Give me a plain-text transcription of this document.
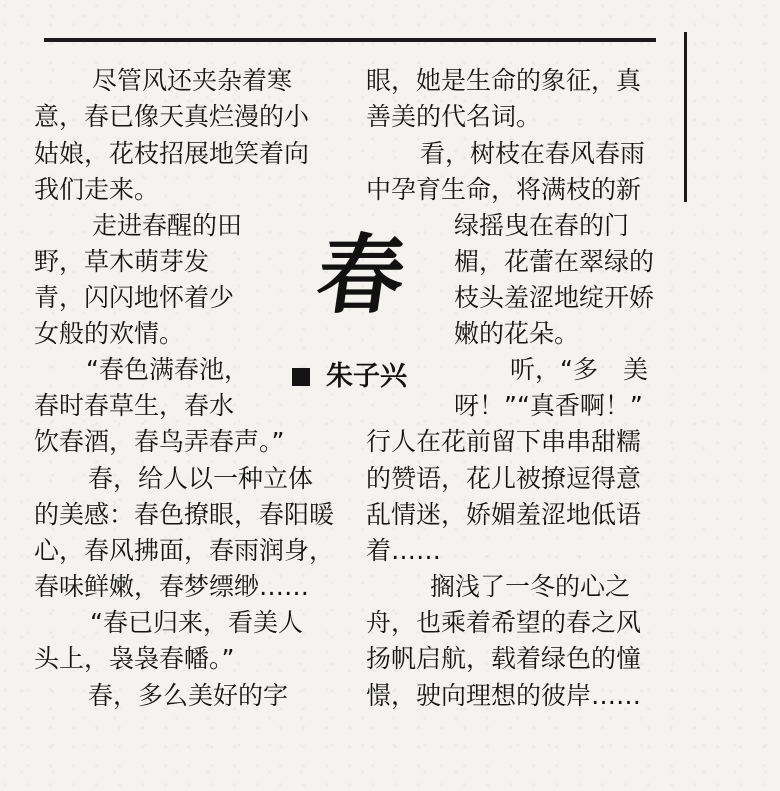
春
朱子兴
尽管风还夹杂着寒
意，春已像天真烂漫的小
姑娘，花枝招展地笑着向
我们走来。
走进春醒的田
野，草木萌芽发
青，闪闪地怀着少
女般的欢情。
“春色满春池，
春时春草生，春水
饮春酒，春鸟弄春声。”
春，给人以一种立体
的美感：春色撩眼，春阳暖
心，春风拂面，春雨润身，
春味鲜嫩，春梦缥缈……
“春已归来，看美人
头上，袅袅春幡。”
春，多么美好的字
眼，她是生命的象征，真
善美的代名词。
看，树枝在春风春雨
中孕育生命，将满枝的新
绿摇曳在春的门
楣，花蕾在翠绿的
枝头羞涩地绽开娇
嫩的花朵。
听，“多　美
呀！”“真香啊！”
行人在花前留下串串甜糯
的赞语，花儿被撩逗得意
乱情迷，娇媚羞涩地低语
着……
搁浅了一冬的心之
舟，也乘着希望的春之风
扬帆启航，载着绿色的憧
憬，驶向理想的彼岸……
